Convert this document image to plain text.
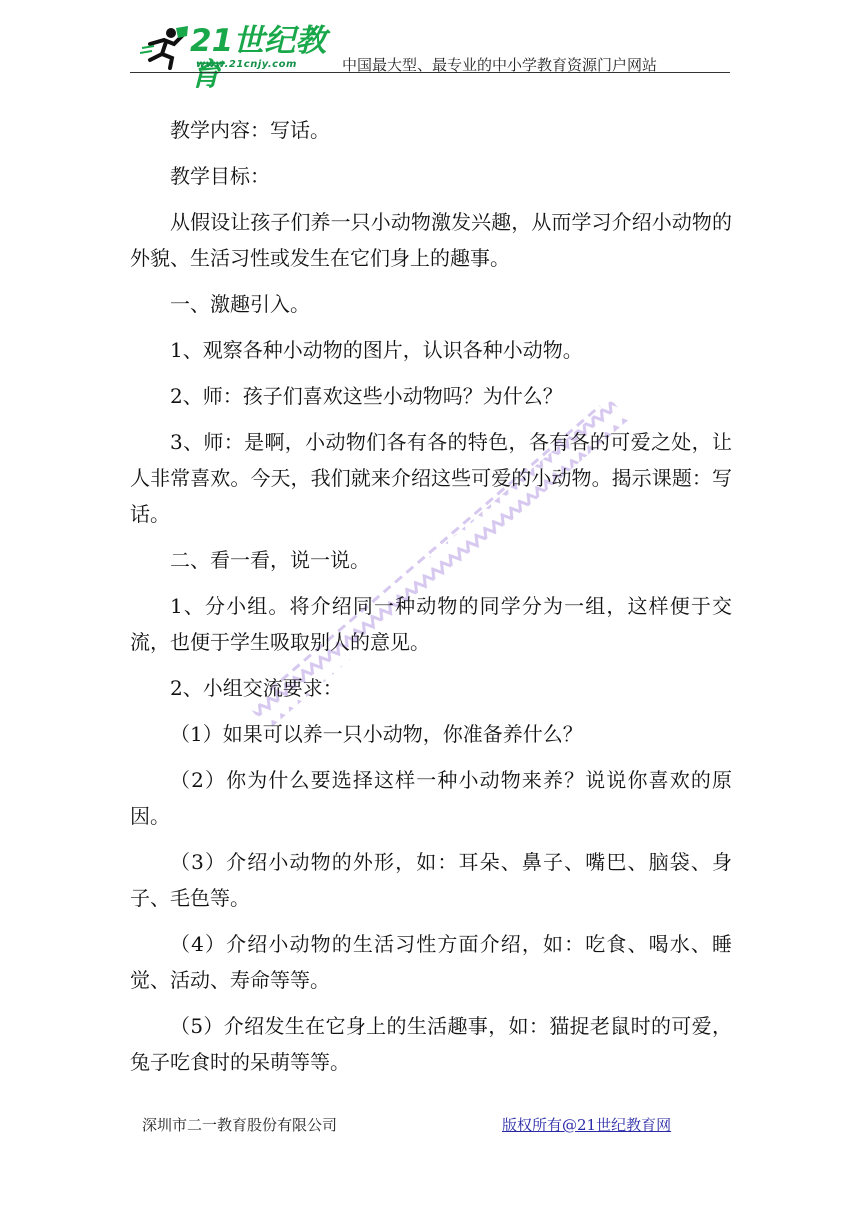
21世纪教育
www.21cnjy.com	中国最大型、最专业的中小学教育资源门户网站

教学内容：写话。

教学目标：

从假设让孩子们养一只小动物激发兴趣，从而学习介绍小动物的外貌、生活习性或发生在它们身上的趣事。

一、激趣引入。

1、观察各种小动物的图片，认识各种小动物。

2、师：孩子们喜欢这些小动物吗？为什么？

3、师：是啊，小动物们各有各的特色，各有各的可爱之处，让人非常喜欢。今天，我们就来介绍这些可爱的小动物。揭示课题：写话。

二、看一看，说一说。

1、分小组。将介绍同一种动物的同学分为一组，这样便于交流，也便于学生吸取别人的意见。

2、小组交流要求：

（1）如果可以养一只小动物，你准备养什么？

（2）你为什么要选择这样一种小动物来养？说说你喜欢的原因。

（3）介绍小动物的外形，如：耳朵、鼻子、嘴巴、脑袋、身子、毛色等。

（4）介绍小动物的生活习性方面介绍，如：吃食、喝水、睡觉、活动、寿命等等。

（5）介绍发生在它身上的生活趣事，如：猫捉老鼠时的可爱，兔子吃食时的呆萌等等。

深圳市二一教育股份有限公司	版权所有@21世纪教育网
